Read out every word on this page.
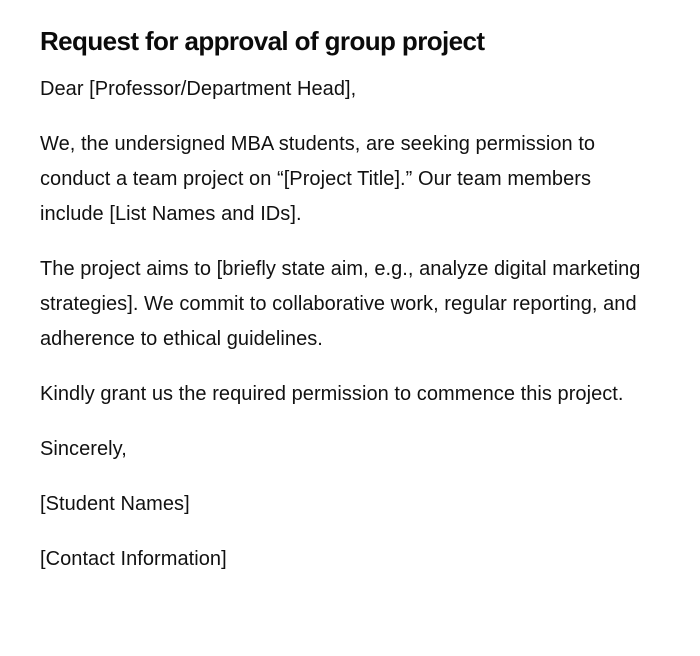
Request for approval of group project

Dear [Professor/Department Head],

We, the undersigned MBA students, are seeking permission to conduct a team project on “[Project Title].” Our team members include [List Names and IDs].

The project aims to [briefly state aim, e.g., analyze digital marketing strategies]. We commit to collaborative work, regular reporting, and adherence to ethical guidelines.

Kindly grant us the required permission to commence this project.

Sincerely,

[Student Names]

[Contact Information]
